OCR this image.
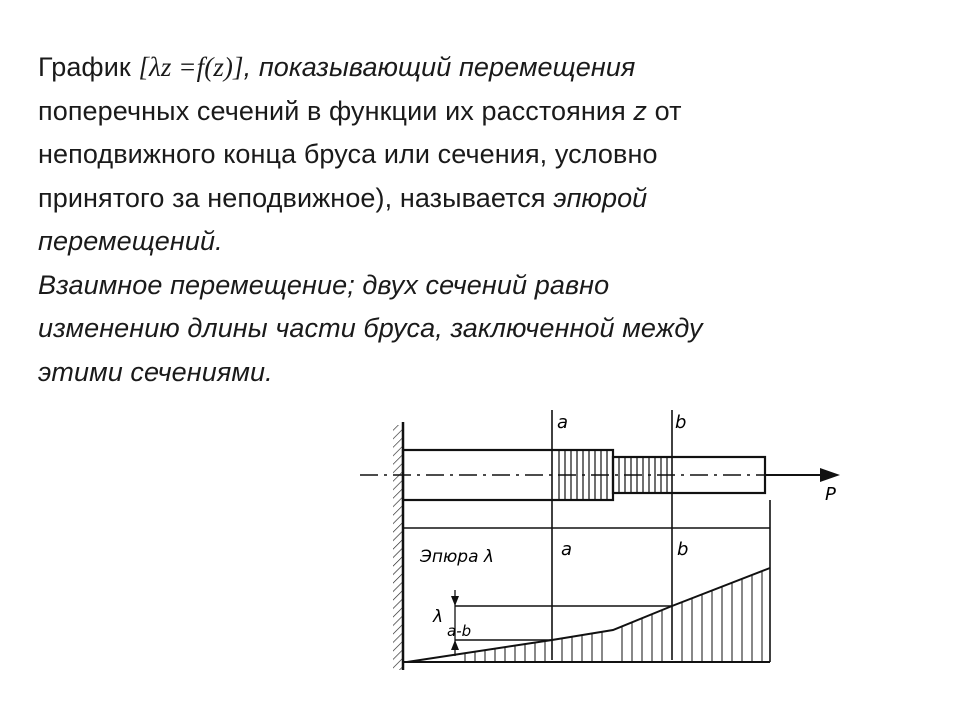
График [λz =f(z)], показывающий перемещения
поперечных сечений в функции их расстояния z от
неподвижного конца бруса или сечения, условно
принятого за неподвижное), называется эпюрой
перемещений.
Взаимное перемещение; двух сечений равно
изменению длины части бруса, заключенной между
этими сечениями.
P
a	b
Эпюра λ	a	b
λ
a-b
